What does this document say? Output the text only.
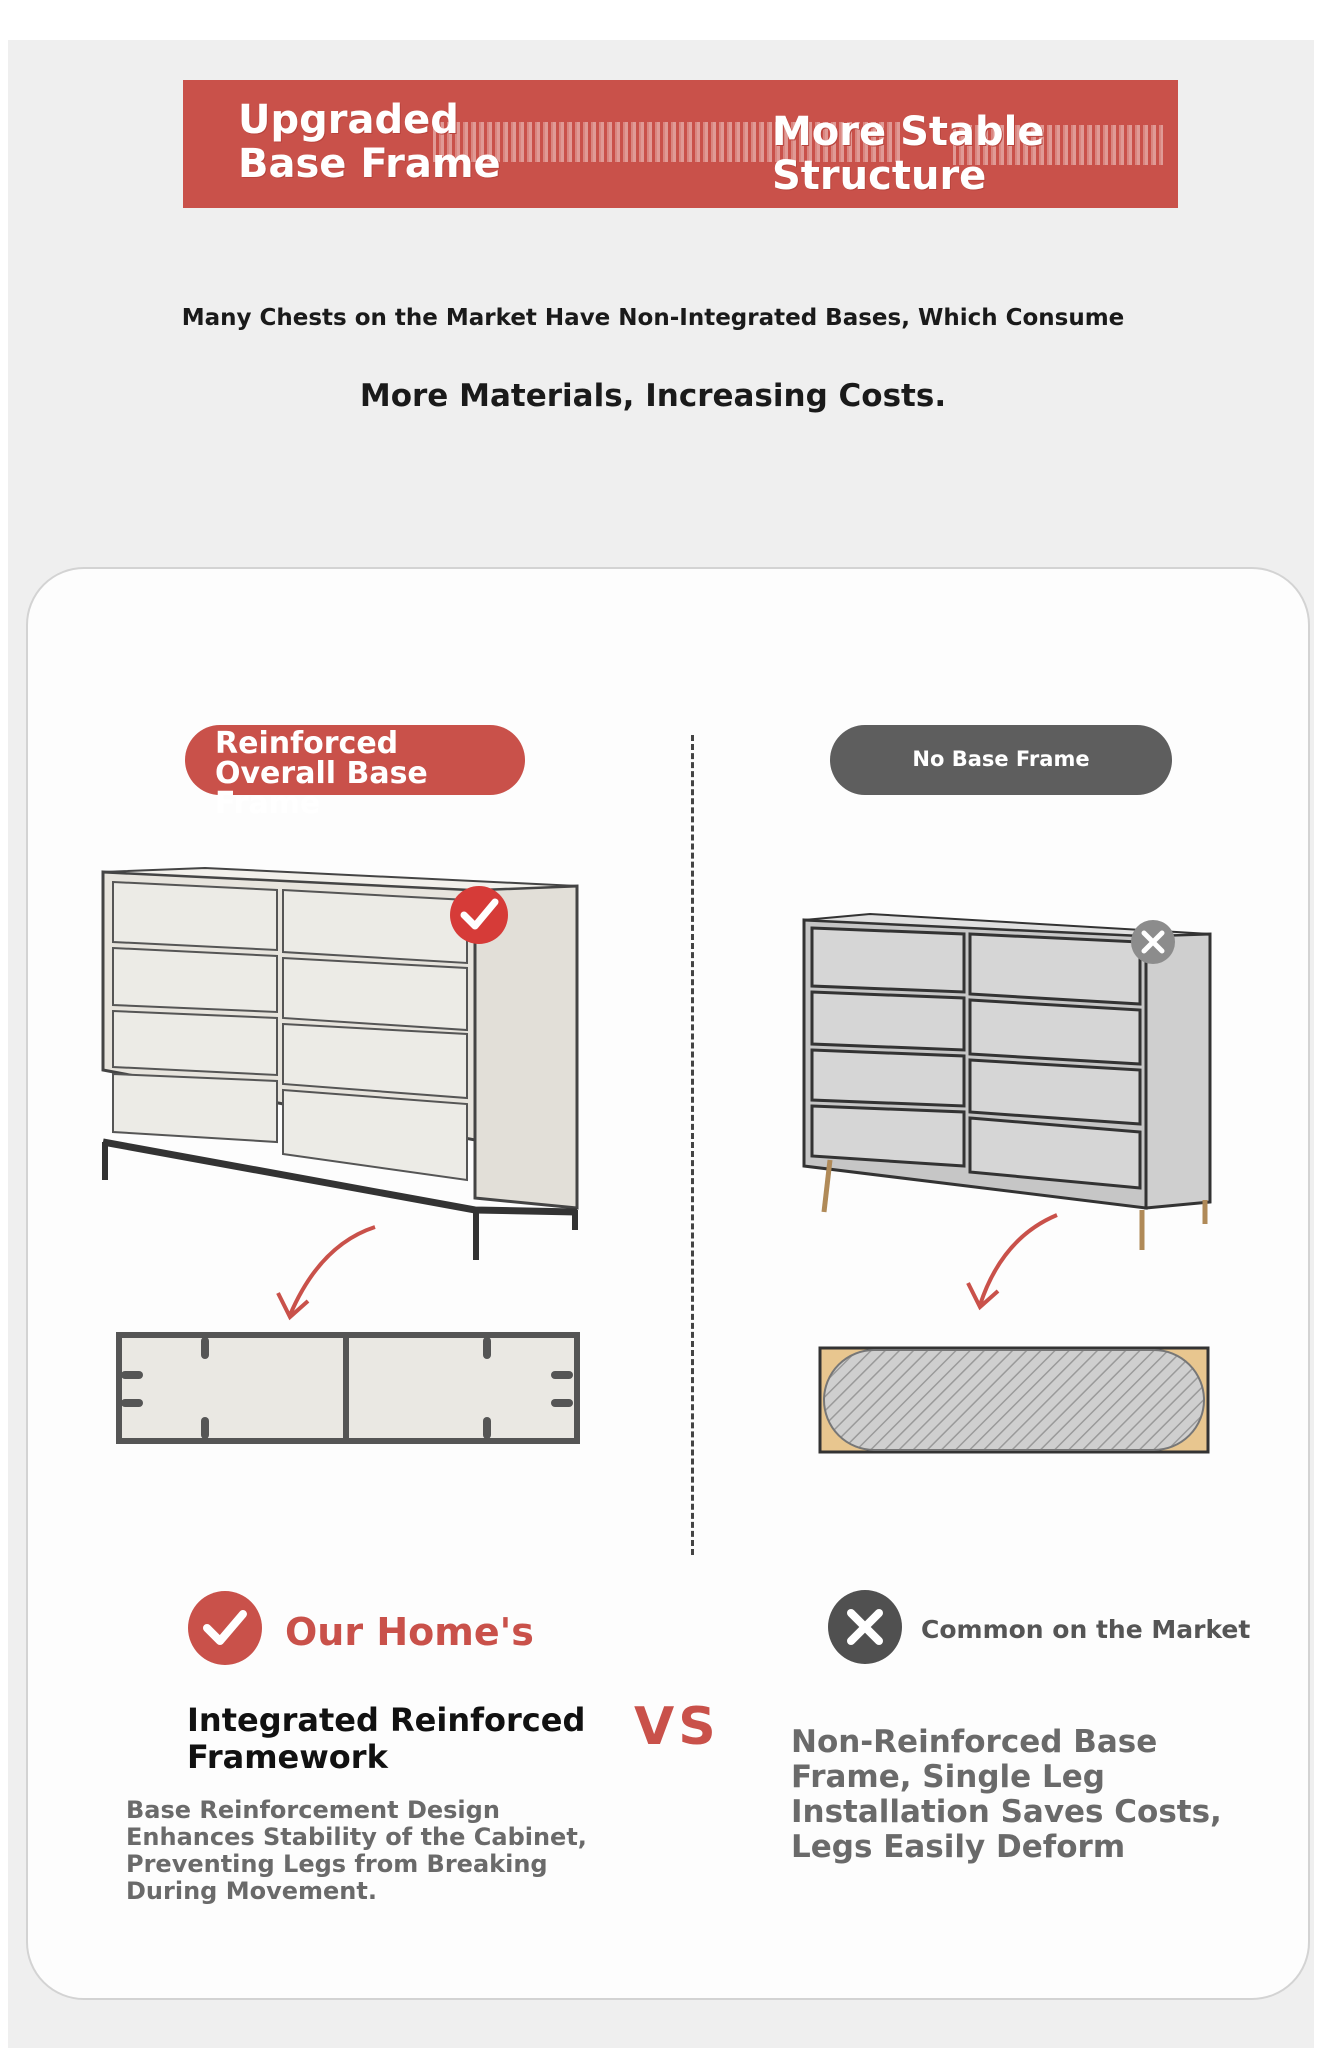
Upgraded Base Frame
More Stable Structure
Many Chests on the Market Have Non-Integrated Bases, Which Consume
More Materials, Increasing Costs.
Reinforced Overall Base Frame
No Base Frame
Our Home's	Common on the Market
Integrated Reinforced Framework
Base Reinforcement Design Enhances Stability of the Cabinet, Preventing Legs from Breaking During Movement.
VS Non-Reinforced Base Frame, Single Leg Installation Saves Costs, Legs Easily Deform
